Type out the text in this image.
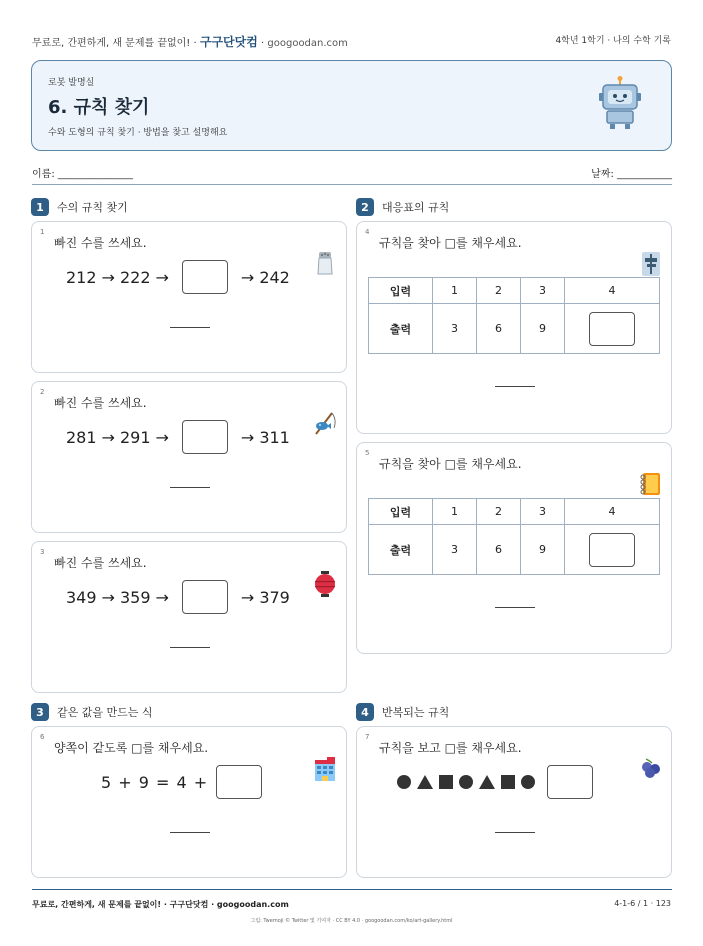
무료로, 간편하게, 새 문제를 끝없이! · 구구단닷컴 · googoodan.com	4학년 1학기 · 나의 수학 기록
로봇 발명실
6. 규칙 찾기
수와 도형의 규칙 찾기 · 방법을 찾고 설명해요
이름: _______________	날짜: ___________
1	수의 규칙 찾기	2	대응표의 규칙
1
빠진 수를 쓰세요.
212 → 222 →	→ 242
2
빠진 수를 쓰세요.
281 → 291 →	→ 311
3
빠진 수를 쓰세요.
349 → 359 →	→ 379
4
규칙을 찾아 □를 채우세요.
입력	1	2	3	4
출력	3	6	9	
5
규칙을 찾아 □를 채우세요.
입력	1	2	3	4
출력	3	6	9	
3	같은 값을 만드는 식	4	반복되는 규칙
6
양쪽이 같도록 □를 채우세요.
5 + 9 = 4 +
7
규칙을 보고 □를 채우세요.
무료로, 간편하게, 새 문제를 끝없이! · 구구단닷컴 · googoodan.com	4-1-6 / 1 · 123
그림: Twemoji © Twitter 및 기여자 · CC BY 4.0 · googoodan.com/ko/art-gallery.html
